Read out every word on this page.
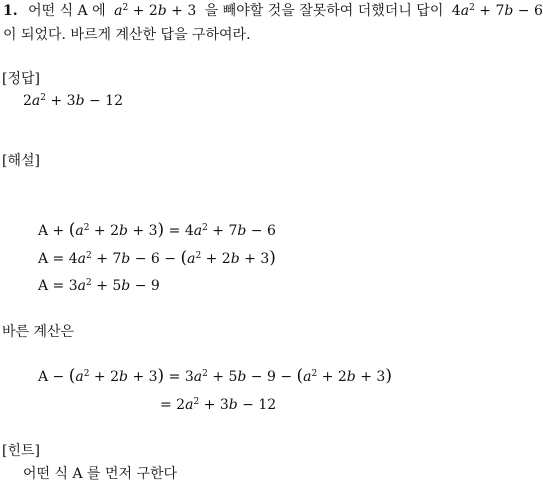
1. 어떤 식 A 에 $a^2 + 2b + 3$ 을 빼야할 것을 잘못하여 더했더니 답이 $4a^2 + 7b - 6$
이 되었다. 바르게 계산한 답을 구하여라.
[정답]
$2a^2 + 3b - 12$
[해설]
$A + (a^2 + 2b + 3) = 4a^2 + 7b - 6$
$A = 4a^2 + 7b - 6 - (a^2 + 2b + 3)$
$A = 3a^2 + 5b - 9$
바른 계산은
$A - (a^2 + 2b + 3) = 3a^2 + 5b - 9 - (a^2 + 2b + 3)$
= $2a^2 + 3b - 12$
[힌트]
어떤 식 A 를 먼저 구한다
